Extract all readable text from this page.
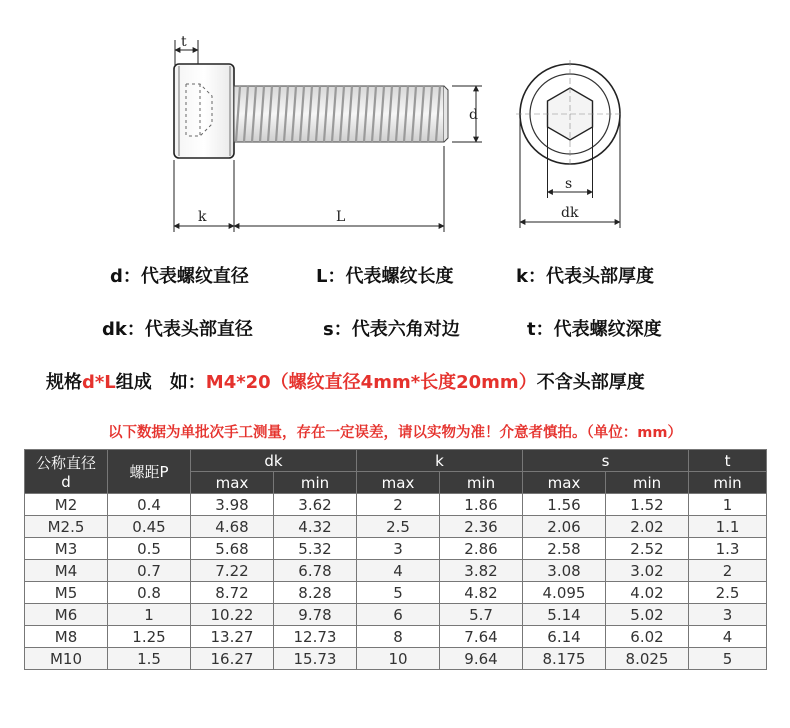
t
d
k	L
s
dk
d：代表螺纹直径	L：代表螺纹长度	k：代表头部厚度
dk：代表头部直径	s：代表六角对边	t：代表螺纹深度
规格d*L组成　如：M4*20（螺纹直径4mm*长度20mm）不含头部厚度
以下数据为单批次手工测量，存在一定误差，请以实物为准！介意者慎拍。（单位：mm）
公称直径
d	螺距P	dk		k		s		t
		max	min	max	min	max	min	min
M2	0.4	3.98	3.62	2	1.86	1.56	1.52	1
M2.5	0.45	4.68	4.32	2.5	2.36	2.06	2.02	1.1
M3	0.5	5.68	5.32	3	2.86	2.58	2.52	1.3
M4	0.7	7.22	6.78	4	3.82	3.08	3.02	2
M5	0.8	8.72	8.28	5	4.82	4.095	4.02	2.5
M6	1	10.22	9.78	6	5.7	5.14	5.02	3
M8	1.25	13.27	12.73	8	7.64	6.14	6.02	4
M10	1.5	16.27	15.73	10	9.64	8.175	8.025	5
